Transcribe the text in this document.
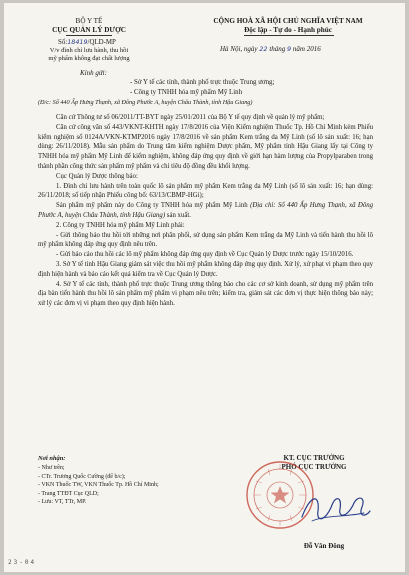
BỘ Y TẾ
CỤC QUẢN LÝ DƯỢC
Số:18419/QLD-MP
V/v đình chỉ lưu hành, thu hồi
mỹ phẩm không đạt chất lượng
CỘNG HOÀ XÃ HỘI CHỦ NGHĨA VIỆT NAM
Độc lập - Tự do - Hạnh phúc
Hà Nội, ngày 22 tháng 9 năm 2016
Kính gửi:
- Sở Y tế các tỉnh, thành phố trực thuộc Trung ương;
- Công ty TNHH hóa mỹ phẩm Mỹ Linh
(Đ/c: Số 440 Ấp Hưng Thạnh, xã Đông Phước A, huyện Châu Thành, tỉnh Hậu Giang)

Căn cứ Thông tư số 06/2011/TT-BYT ngày 25/01/2011 của Bộ Y tế quy định về quản lý mỹ phẩm;

Căn cứ công văn số 443/VKNT-KHTH ngày 17/8/2016 của Viện Kiểm nghiệm Thuốc Tp. Hồ Chí Minh kèm Phiếu kiểm nghiệm số 0124A/VKN-KTMP2016 ngày 17/8/2016 về sản phẩm Kem trắng da Mỹ Linh (số lô sản xuất: 16; hạn dùng: 26/11/2018). Mẫu sản phẩm do Trung tâm kiểm nghiệm Dược phẩm, Mỹ phẩm tỉnh Hậu Giang lấy tại Công ty TNHH hóa mỹ phẩm Mỹ Linh để kiểm nghiệm, không đáp ứng quy định về giới hạn hàm lượng của Propylparaben trong thành phần công thức sản phẩm mỹ phẩm và chỉ tiêu độ đồng đều khối lượng.

Cục Quản lý Dược thông báo:

1. Đình chỉ lưu hành trên toàn quốc lô sản phẩm mỹ phẩm Kem trắng da Mỹ Linh (số lô sản xuất: 16; hạn dùng: 26/11/2018; số tiếp nhận Phiếu công bố: 63/13/CBMP-HGi);

Sản phẩm mỹ phẩm này do Công ty TNHH hóa mỹ phẩm Mỹ Linh (Địa chỉ: Số 440 Ấp Hưng Thạnh, xã Đông Phước A, huyện Châu Thành, tỉnh Hậu Giang) sản xuất.

2. Công ty TNHH hóa mỹ phẩm Mỹ Linh phải:

- Gửi thông báo thu hồi tới những nơi phân phối, sử dụng sản phẩm Kem trắng da Mỹ Linh và tiến hành thu hồi lô mỹ phẩm không đáp ứng quy định nêu trên.

- Gửi báo cáo thu hồi các lô mỹ phẩm không đáp ứng quy định về Cục Quản lý Dược trước ngày 15/10/2016.

3. Sở Y tế tỉnh Hậu Giang giám sát việc thu hồi mỹ phẩm không đáp ứng quy định. Xử lý, xử phạt vi phạm theo quy định hiện hành và báo cáo kết quả kiểm tra về Cục Quản lý Dược.

4. Sở Y tế các tỉnh, thành phố trực thuộc Trung ương thông báo cho các cơ sở kinh doanh, sử dụng mỹ phẩm trên địa bàn tiến hành thu hồi lô sản phẩm mỹ phẩm vi phạm nêu trên; kiểm tra, giám sát các đơn vị thực hiện thông báo này; xử lý các đơn vị vi phạm theo quy định hiện hành.

Nơi nhận:
- Như trên;
- CTr. Trương Quốc Cường (để b/c);
- VKN Thuốc TW, VKN Thuốc Tp. Hồ Chí Minh;
- Trang TTĐT Cục QLD;
- Lưu: VT, TTr, MP.
KT. CỤC TRƯỞNG
PHÓ CỤC TRƯỞNG
Đỗ Văn Đông
23-04
